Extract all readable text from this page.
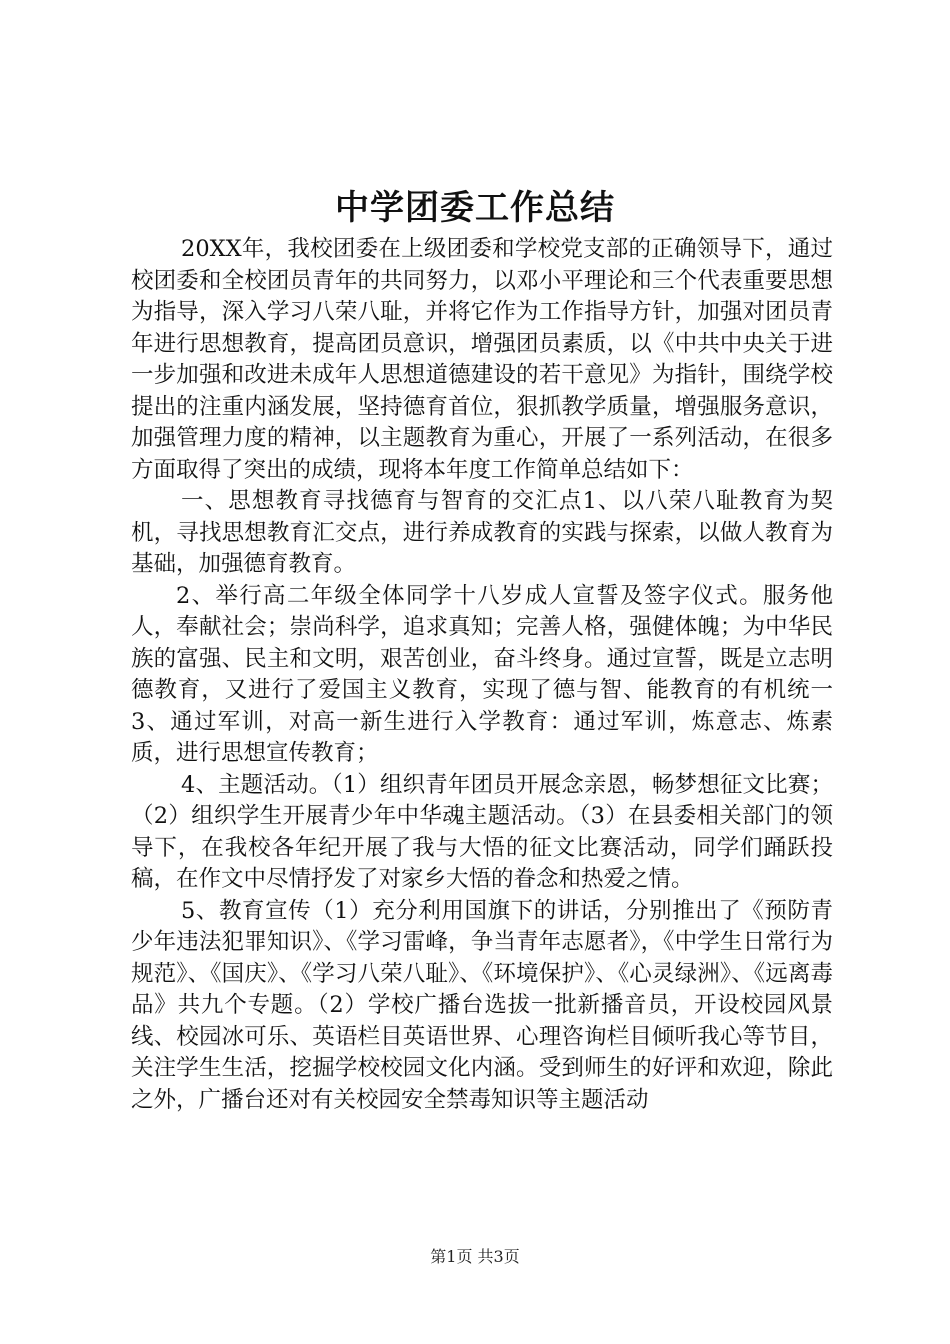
中学团委工作总结

20XX年，我校团委在上级团委和学校党支部的正确领导下，通过校团委和全校团员青年的共同努力，以邓小平理论和三个代表重要思想为指导，深入学习八荣八耻，并将它作为工作指导方针，加强对团员青年进行思想教育，提高团员意识，增强团员素质，以《中共中央关于进一步加强和改进未成年人思想道德建设的若干意见》为指针，围绕学校提出的注重内涵发展，坚持德育首位，狠抓教学质量，增强服务意识，加强管理力度的精神，以主题教育为重心，开展了一系列活动，在很多方面取得了突出的成绩，现将本年度工作简单总结如下：

一、思想教育寻找德育与智育的交汇点1、以八荣八耻教育为契机，寻找思想教育汇交点，进行养成教育的实践与探索，以做人教育为基础，加强德育教育。

2、举行高二年级全体同学十八岁成人宣誓及签字仪式。服务他人，奉献社会；崇尚科学，追求真知；完善人格，强健体魄；为中华民族的富强、民主和文明，艰苦创业，奋斗终身。通过宣誓，既是立志明德教育，又进行了爱国主义教育，实现了德与智、能教育的有机统一3、通过军训，对高一新生进行入学教育：通过军训，炼意志、炼素质，进行思想宣传教育；

4、主题活动。（1）组织青年团员开展念亲恩，畅梦想征文比赛；（2）组织学生开展青少年中华魂主题活动。（3）在县委相关部门的领导下，在我校各年纪开展了我与大悟的征文比赛活动，同学们踊跃投稿，在作文中尽情抒发了对家乡大悟的眷念和热爱之情。

5、教育宣传（1）充分利用国旗下的讲话，分别推出了《预防青少年违法犯罪知识》、《学习雷峰，争当青年志愿者》，《中学生日常行为规范》、《国庆》、《学习八荣八耻》、《环境保护》、《心灵绿洲》、《远离毒品》共九个专题。（2）学校广播台选拔一批新播音员，开设校园风景线、校园冰可乐、英语栏目英语世界、心理咨询栏目倾听我心等节目，关注学生生活，挖掘学校校园文化内涵。受到师生的好评和欢迎，除此之外，广播台还对有关校园安全禁毒知识等主题活动

第1页 共3页
